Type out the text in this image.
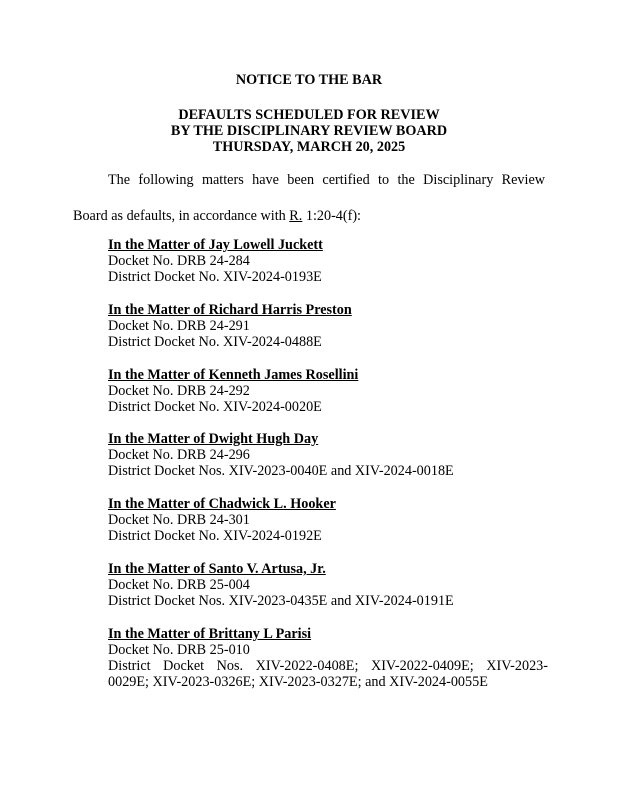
NOTICE TO THE BAR
DEFAULTS SCHEDULED FOR REVIEW
BY THE DISCIPLINARY REVIEW BOARD
THURSDAY, MARCH 20, 2025
The following matters have been certified to the Disciplinary Review
Board as defaults, in accordance with R. 1:20-4(f):
In the Matter of Jay Lowell Juckett
Docket No. DRB 24-284
District Docket No. XIV-2024-0193E
In the Matter of Richard Harris Preston
Docket No. DRB 24-291
District Docket No. XIV-2024-0488E
In the Matter of Kenneth James Rosellini
Docket No. DRB 24-292
District Docket No. XIV-2024-0020E
In the Matter of Dwight Hugh Day
Docket No. DRB 24-296
District Docket Nos. XIV-2023-0040E and XIV-2024-0018E
In the Matter of Chadwick L. Hooker
Docket No. DRB 24-301
District Docket No. XIV-2024-0192E
In the Matter of Santo V. Artusa, Jr.
Docket No. DRB 25-004
District Docket Nos. XIV-2023-0435E and XIV-2024-0191E
In the Matter of Brittany L Parisi
Docket No. DRB 25-010
District Docket Nos. XIV-2022-0408E; XIV-2022-0409E; XIV-2023-
0029E; XIV-2023-0326E; XIV-2023-0327E; and XIV-2024-0055E
